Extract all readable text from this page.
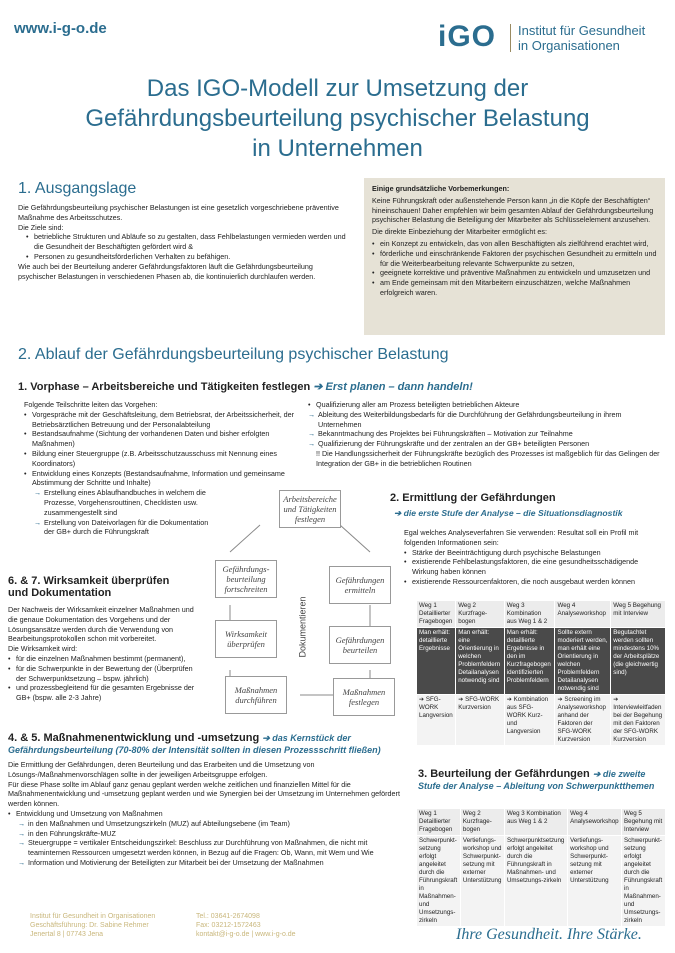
www.i-g-o.de	iGO Institut für Gesundheit
in Organisationen
Das IGO-Modell zur Umsetzung der
Gefährdungsbeurteilung psychischer Belastung
in Unternehmen
1. Ausgangslage
Die Gefährdungsbeurteilung psychischer Belastungen ist eine gesetzlich vorgeschriebene präventive Maßnahme des Arbeitsschutzes.
Die Ziele sind:
• betriebliche Strukturen und Abläufe so zu gestalten, dass Fehlbelastungen vermieden werden und die Gesundheit der Beschäftigten gefördert wird &
• Personen zu gesundheitsförderlichen Verhalten zu befähigen.
Wie auch bei der Beurteilung anderer Gefährdungsfaktoren läuft die Gefährdungsbeurteilung psychischer Belastungen in verschiedenen Phasen ab, die kontinuierlich durchlaufen werden.
Einige grundsätzliche Vorbemerkungen:
Keine Führungskraft oder außenstehende Person kann „in die Köpfe der Beschäftigten“ hineinschauen! Daher empfehlen wir beim gesamten Ablauf der Gefährdungsbeurteilung psychischer Belastung die Beteiligung der Mitarbeiter als Schlüsselelement anzusehen.
Die direkte Einbeziehung der Mitarbeiter ermöglicht es:
• ein Konzept zu entwickeln, das von allen Beschäftigten als zielführend erachtet wird,
• förderliche und einschränkende Faktoren der psychischen Gesundheit zu ermitteln und für die Weiterbearbeitung relevante Schwerpunkte zu setzen,
• geeignete korrektive und präventive Maßnahmen zu entwickeln und umzusetzen und
• am Ende gemeinsam mit den Mitarbeitern einzuschätzen, welche Maßnahmen erfolgreich waren.
2. Ablauf der Gefährdungsbeurteilung psychischer Belastung
1. Vorphase – Arbeitsbereiche und Tätigkeiten festlegen ➔ Erst planen – dann handeln!
Folgende Teilschritte leiten das Vorgehen:
• Vorgespräche mit der Geschäftsleitung, dem Betriebsrat, der Arbeitssicherheit, der Betriebsärztlichen Betreuung und der Personalabteilung
• Bestandsaufnahme (Sichtung der vorhandenen Daten und bisher erfolgten Maßnahmen)
• Bildung einer Steuergruppe (z.B. Arbeitsschutzausschuss mit Nennung eines Koordinators)
• Entwicklung eines Konzepts (Bestandsaufnahme, Information und gemeinsame Abstimmung der Schritte und Inhalte)
→ Erstellung eines Ablaufhandbuches in welchem die Prozesse, Vorgehensrouttinen, Checklisten usw. zusammengestellt sind
→ Erstellung von Dateivorlagen für die Dokumentation der GB+ durch die Führungskraft
• Qualifizierung aller am Prozess beteiligten betrieblichen Akteure
→ Ableitung des Weiterbildungsbedarfs für die Durchführung der Gefährdungsbeurteilung in ihrem Unternehmen
→ Bekanntmachung des Projektes bei Führungskräften – Motivation zur Teilnahme
→ Qualifizierung der Führungskräfte und der zentralen an der GB+ beteiligten Personen
!! Die Handlungssicherheit der Führungskräfte bezüglich des Prozesses ist maßgeblich für das Gelingen der Integration der GB+ in die betrieblichen Routinen
Arbeitsbereiche und Tätigkeiten festlegen
Gefährdungs-beurteilung fortschreiten
Gefährdungen ermitteln
Wirksamkeit überprüfen	Gefährdungen beurteilen
Maßnahmen durchführen
Maßnahmen festlegen
Dokumentieren
2. Ermittlung der Gefährdungen
➔ die erste Stufe der Analyse – die Situationsdiagnostik
Egal welches Analyseverfahren Sie verwenden: Resultat soll ein Profil mit folgenden Informationen sein:
• Stärke der Beeinträchtigung durch psychische Belastungen
• existierende Fehlbelastungsfaktoren, die eine gesundheitsschädigende Wirkung haben können
• existierende Ressourcenfaktoren, die noch ausgebaut werden können
Weg 1 Detaillierter Fragebogen	Weg 2 Kurzfrage-bogen	Weg 3 Kombination aus Weg 1 & 2	Weg 4 Analyseworkshop	Weg 5 Begehung mit Interview
Man erhält: detaillierte Ergebnisse	Man erhält: eine Orientierung in welchen Problemfeldern Detailanalysen notwendig sind	Man erhält: detaillierte Ergebnisse in den im Kurzfragebogen identifizierten Problemfeldern	Sollte extern moderiert werden, man erhält eine Orientierung in welchen Problemfeldern Detailanalysen notwendig sind	Begutachtet werden sollten mindestens 10% der Arbeitsplätze (die gleichwertig sind)
➔ SFG-WORK Langversion	➔ SFG-WORK Kurzversion	➔ Kombination aus SFG-WORK Kurz- und Langversion	➔ Screening im Analyseworkshop anhand der Faktoren der SFG-WORK Kurzversion	➔ Interviewleitfaden bei der Begehung mit den Faktoren der SFG-WORK Kurzversion
6. & 7. Wirksamkeit überprüfen
und Dokumentation
Der Nachweis der Wirksamkeit einzelner Maßnahmen und die genaue Dokumentation des Vorgehens und der Lösungsansätze werden durch die Verwendung von Bearbeitungsprotokollen schon mit vorbereitet.
Die Wirksamkeit wird:
• für die einzelnen Maßnahmen bestimmt (permanent),
• für die Schwerpunkte in der Bewertung der (Überprüfen der Schwerpunktsetzung – bspw. jährlich)
• und prozessbegleitend für die gesamten Ergebnisse der GB+ (bspw. alle 2-3 Jahre)
4. & 5. Maßnahmenentwicklung und -umsetzung ➔ das Kernstück der Gefährdungsbeurteilung (70-80% der Intensität sollten in diesen Prozessschritt fließen)
Die Ermittlung der Gefährdungen, deren Beurteilung und das Erarbeiten und die Umsetzung von Lösungs-/Maßnahmenvorschlägen sollte in der jeweiligen Arbeitsgruppe erfolgen.
Für diese Phase sollte im Ablauf ganz genau geplant werden welche zeitlichen und finanziellen Mittel für die Maßnahmenentwicklung und -umsetzung geplant werden und wie Synergien bei der Umsetzung im Unternehmen gefördert werden können.
• Entwicklung und Umsetzung von Maßnahmen
→ in den Maßnahmen und Umsetzungszirkeln (MUZ) auf Abteilungsebene (im Team)
→ in den Führungskräfte-MUZ
→ Steuergruppe = vertikaler Entscheidungszirkel: Beschluss zur Durchführung von Maßnahmen, die nicht mit teaminternen Ressourcen umgesetzt werden können, in Bezug auf die Fragen: Ob, Wann, mit Wem und Wie
→ Information und Motivierung der Beteiligten zur Mitarbeit bei der Umsetzung der Maßnahmen
3. Beurteilung der Gefährdungen ➔ die zweite Stufe der Analyse – Ableitung von Schwerpunktthemen
Weg 1 Detaillierter Fragebogen	Weg 2 Kurzfrage-bogen	Weg 3 Kombination aus Weg 1 & 2	Weg 4 Analyseworkshop	Weg 5 Begehung mit Interview
Schwerpunkt-setzung erfolgt angeleitet durch die Führungskraft in Maßnahmen- und Umsetzungs-zirkeln	Vertiefungs-workshop und Schwerpunkt-setzung mit externer Unterstützung	Schwerpunktsetzung erfolgt angeleitet durch die Führungskraft in Maßnahmen- und Umsetzungs-zirkeln	Vertiefungs-workshop und Schwerpunkt-setzung mit externer Unterstützung	Schwerpunkt-setzung erfolgt angeleitet durch die Führungskraft in Maßnahmen- und Umsetzungs-zirkeln
Institut für Gesundheit in Organisationen
Geschäftsführung: Dr. Sabine Rehmer
Jenertal 8 | 07743 Jena
Tel.: 03641-2674098
Fax: 03212-1572463
kontakt@i-g-o.de | www.i-g-o.de	Ihre Gesundheit. Ihre Stärke.
